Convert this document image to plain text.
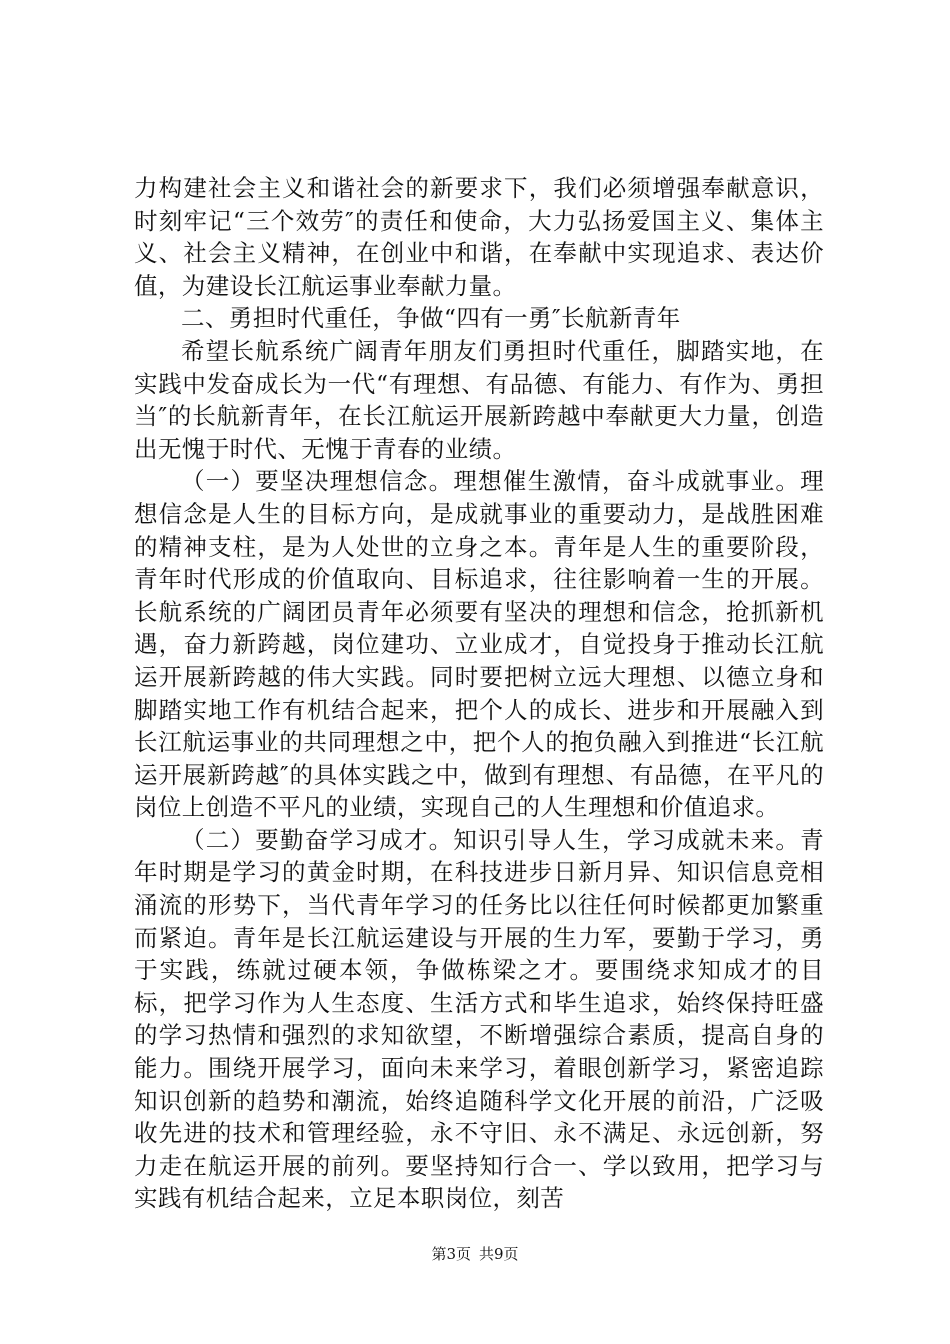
力构建社会主义和谐社会的新要求下，我们必须增强奉献意识，时刻牢记“三个效劳″的责任和使命，大力弘扬爱国主义、集体主义、社会主义精神，在创业中和谐，在奉献中实现追求、表达价值，为建设长江航运事业奉献力量。

二、勇担时代重任，争做“四有一勇″长航新青年

希望长航系统广阔青年朋友们勇担时代重任，脚踏实地，在实践中发奋成长为一代“有理想、有品德、有能力、有作为、勇担当″的长航新青年，在长江航运开展新跨越中奉献更大力量，创造出无愧于时代、无愧于青春的业绩。

（一）要坚决理想信念。理想催生激情，奋斗成就事业。理想信念是人生的目标方向，是成就事业的重要动力，是战胜困难的精神支柱，是为人处世的立身之本。青年是人生的重要阶段，青年时代形成的价值取向、目标追求，往往影响着一生的开展。长航系统的广阔团员青年必须要有坚决的理想和信念，抢抓新机遇，奋力新跨越，岗位建功、立业成才，自觉投身于推动长江航运开展新跨越的伟大实践。同时要把树立远大理想、以德立身和脚踏实地工作有机结合起来，把个人的成长、进步和开展融入到长江航运事业的共同理想之中，把个人的抱负融入到推进“长江航运开展新跨越″的具体实践之中，做到有理想、有品德，在平凡的岗位上创造不平凡的业绩，实现自己的人生理想和价值追求。

（二）要勤奋学习成才。知识引导人生，学习成就未来。青年时期是学习的黄金时期，在科技进步日新月异、知识信息竞相涌流的形势下，当代青年学习的任务比以往任何时候都更加繁重而紧迫。青年是长江航运建设与开展的生力军，要勤于学习，勇于实践，练就过硬本领，争做栋梁之才。要围绕求知成才的目标，把学习作为人生态度、生活方式和毕生追求，始终保持旺盛的学习热情和强烈的求知欲望，不断增强综合素质，提高自身的能力。围绕开展学习，面向未来学习，着眼创新学习，紧密追踪知识创新的趋势和潮流，始终追随科学文化开展的前沿，广泛吸收先进的技术和管理经验，永不守旧、永不满足、永远创新，努力走在航运开展的前列。要坚持知行合一、学以致用，把学习与实践有机结合起来，立足本职岗位，刻苦

第3页 共9页
